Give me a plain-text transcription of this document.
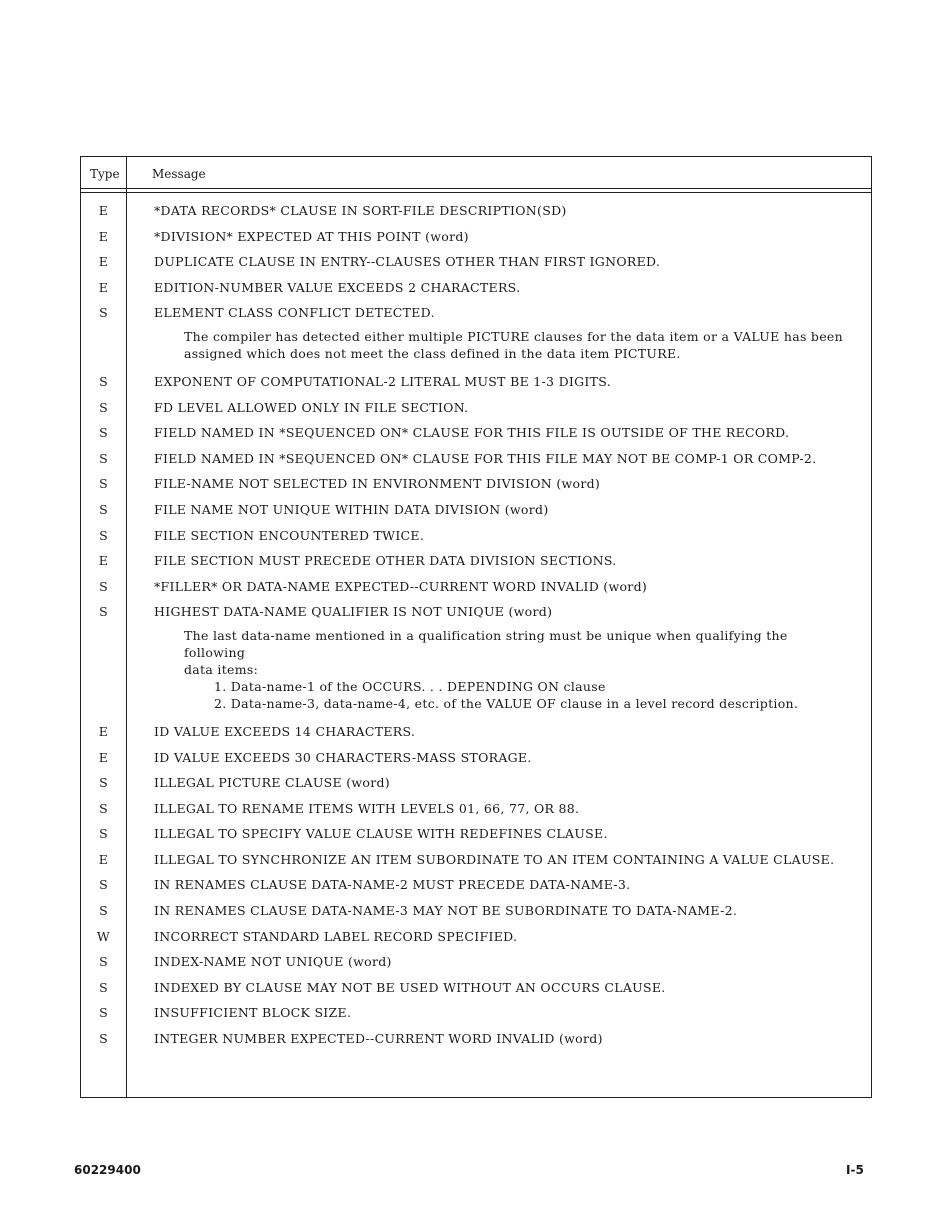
Type	Message
E	*DATA RECORDS* CLAUSE IN SORT-FILE DESCRIPTION(SD)
E	*DIVISION* EXPECTED AT THIS POINT (word)
E	DUPLICATE CLAUSE IN ENTRY--CLAUSES OTHER THAN FIRST IGNORED.
E	EDITION-NUMBER VALUE EXCEEDS 2 CHARACTERS.
S	ELEMENT CLASS CONFLICT DETECTED.
The compiler has detected either multiple PICTURE clauses for the data item or a VALUE has been
assigned which does not meet the class defined in the data item PICTURE.
S	EXPONENT OF COMPUTATIONAL-2 LITERAL MUST BE 1-3 DIGITS.
S	FD LEVEL ALLOWED ONLY IN FILE SECTION.
S	FIELD NAMED IN *SEQUENCED ON* CLAUSE FOR THIS FILE IS OUTSIDE OF THE RECORD.
S	FIELD NAMED IN *SEQUENCED ON* CLAUSE FOR THIS FILE MAY NOT BE COMP-1 OR COMP-2.
S	FILE-NAME NOT SELECTED IN ENVIRONMENT DIVISION (word)
S	FILE NAME NOT UNIQUE WITHIN DATA DIVISION (word)
S	FILE SECTION ENCOUNTERED TWICE.
E	FILE SECTION MUST PRECEDE OTHER DATA DIVISION SECTIONS.
S	*FILLER* OR DATA-NAME EXPECTED--CURRENT WORD INVALID (word)
S	HIGHEST DATA-NAME QUALIFIER IS NOT UNIQUE (word)
The last data-name mentioned in a qualification string must be unique when qualifying the following
data items:
1. Data-name-1 of the OCCURS. . . DEPENDING ON clause
2. Data-name-3, data-name-4, etc. of the VALUE OF clause in a level record description.
E	ID VALUE EXCEEDS 14 CHARACTERS.
E	ID VALUE EXCEEDS 30 CHARACTERS-MASS STORAGE.
S	ILLEGAL PICTURE CLAUSE (word)
S	ILLEGAL TO RENAME ITEMS WITH LEVELS 01, 66, 77, OR 88.
S	ILLEGAL TO SPECIFY VALUE CLAUSE WITH REDEFINES CLAUSE.
E	ILLEGAL TO SYNCHRONIZE AN ITEM SUBORDINATE TO AN ITEM CONTAINING A VALUE CLAUSE.
S	IN RENAMES CLAUSE DATA-NAME-2 MUST PRECEDE DATA-NAME-3.
S	IN RENAMES CLAUSE DATA-NAME-3 MAY NOT BE SUBORDINATE TO DATA-NAME-2.
W	INCORRECT STANDARD LABEL RECORD SPECIFIED.
S	INDEX-NAME NOT UNIQUE (word)
S	INDEXED BY CLAUSE MAY NOT BE USED WITHOUT AN OCCURS CLAUSE.
S	INSUFFICIENT BLOCK SIZE.
S	INTEGER NUMBER EXPECTED--CURRENT WORD INVALID (word)
60229400	I-5
